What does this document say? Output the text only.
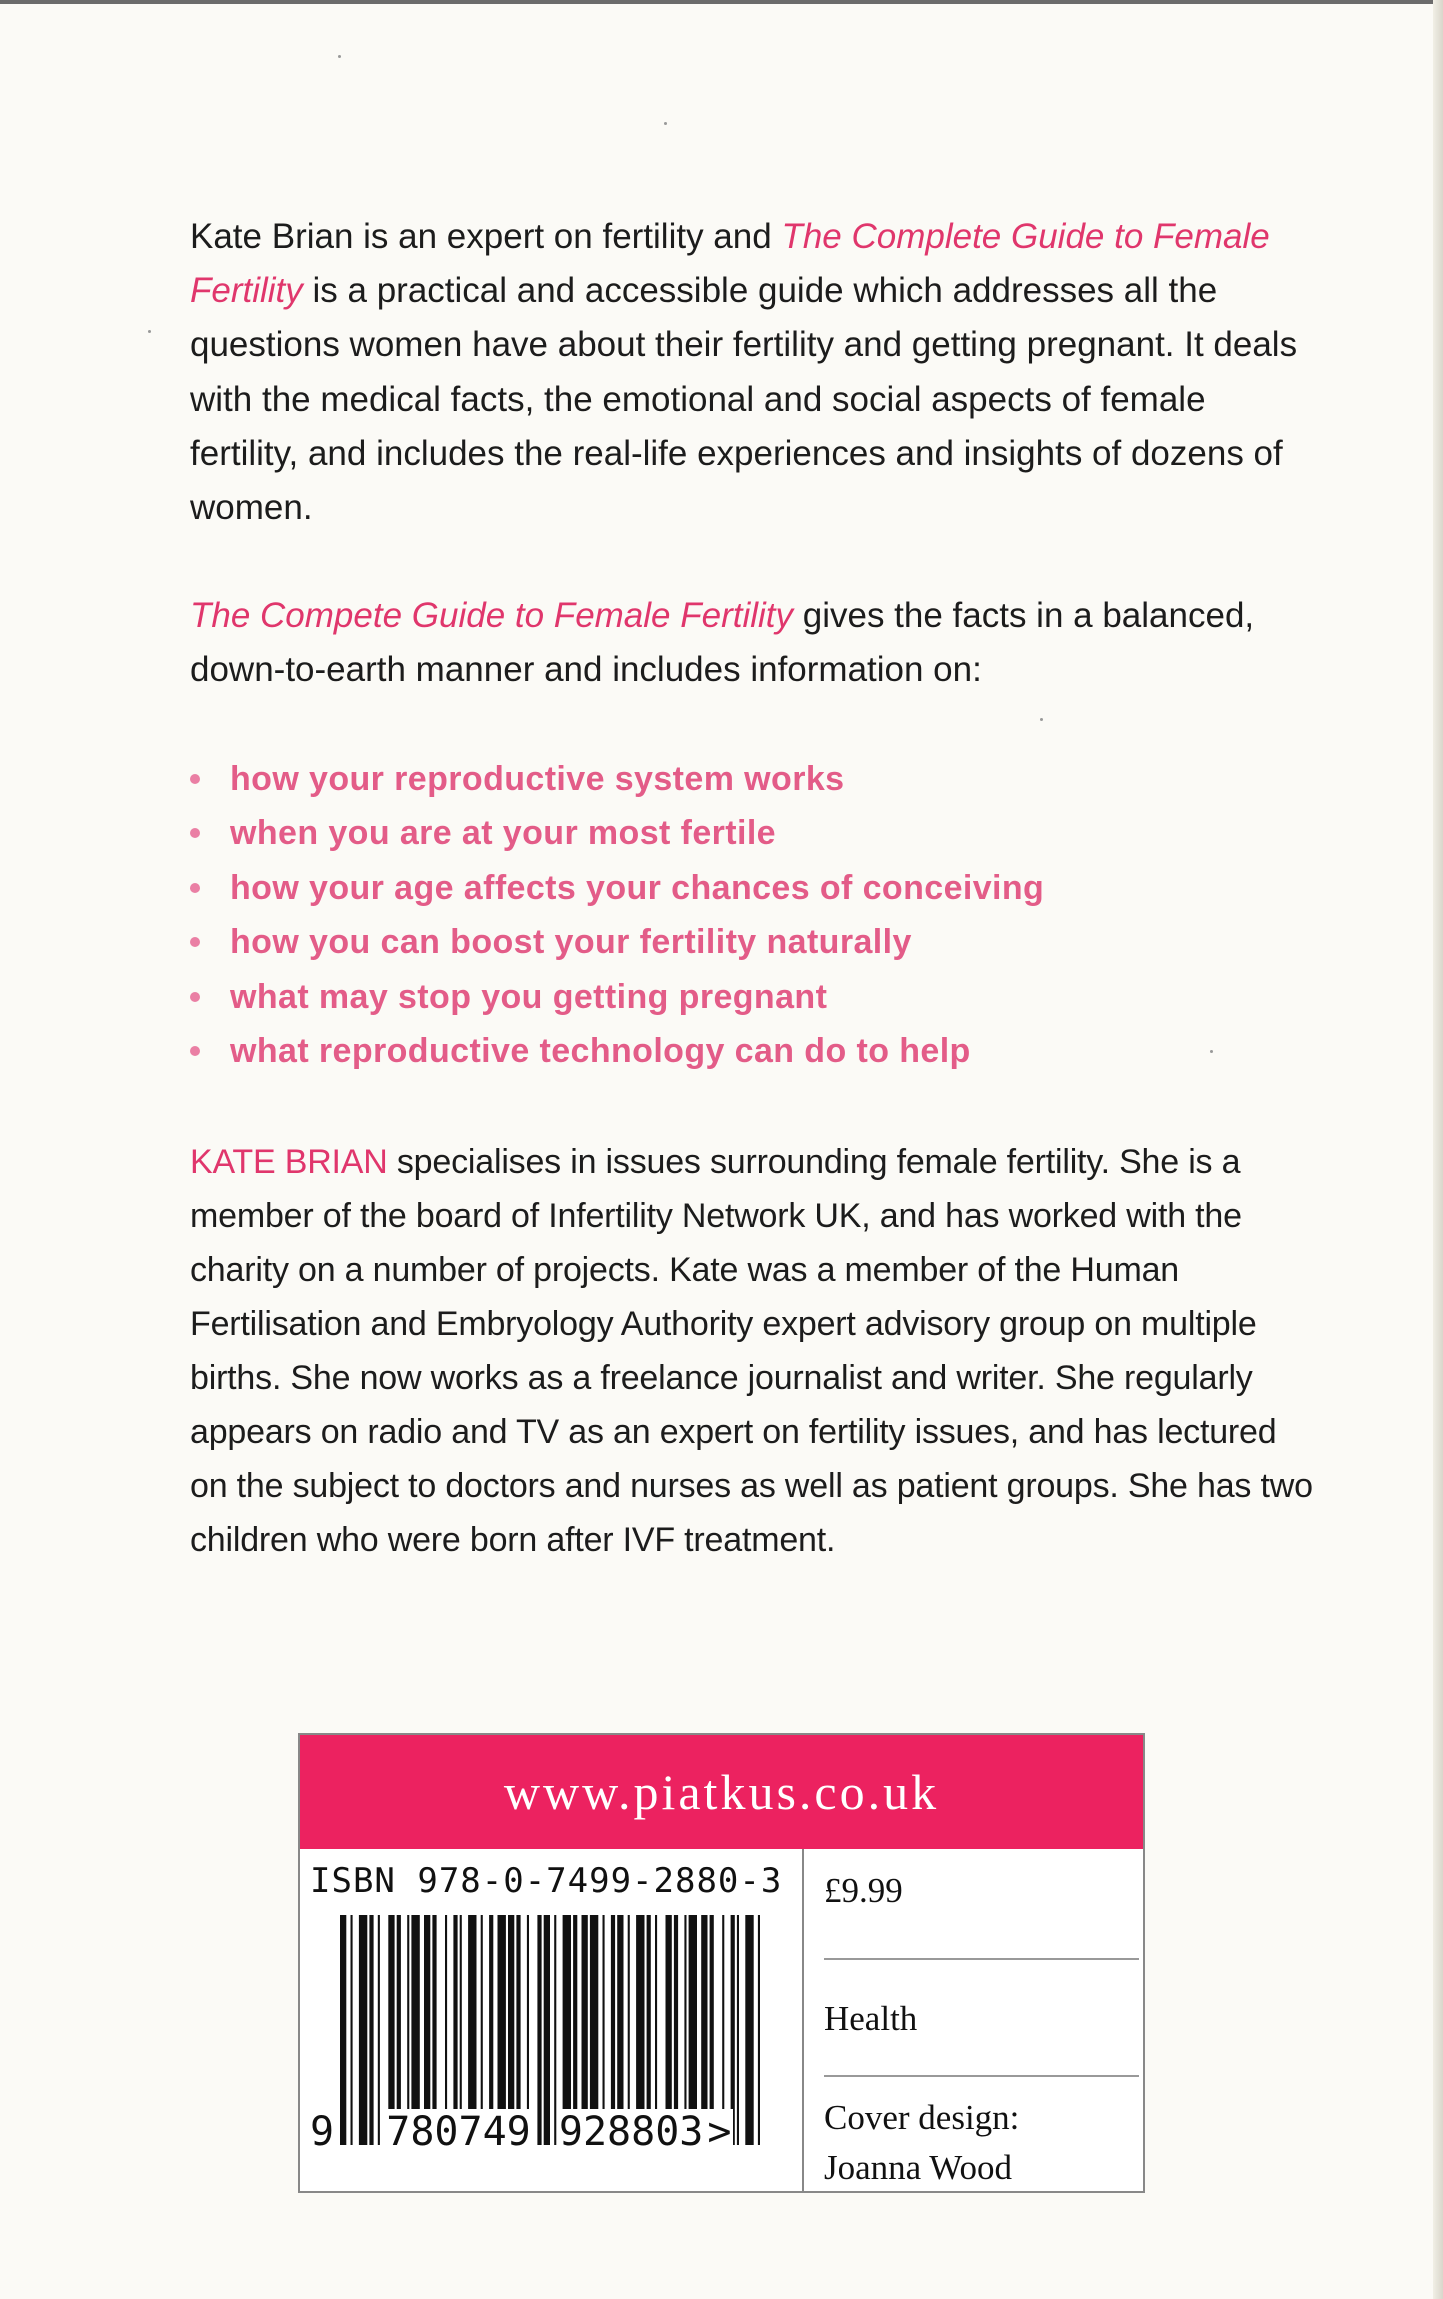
Kate Brian is an expert on fertility and The Complete Guide to Female Fertility is a practical and accessible guide which addresses all the questions women have about their fertility and getting pregnant. It deals with the medical facts, the emotional and social aspects of female fertility, and includes the real-life experiences and insights of dozens of women.

The Compete Guide to Female Fertility gives the facts in a balanced, down-to-earth manner and includes information on:

how your reproductive system works
when you are at your most fertile
how your age affects your chances of conceiving
how you can boost your fertility naturally
what may stop you getting pregnant
what reproductive technology can do to help

KATE BRIAN specialises in issues surrounding female fertility. She is a member of the board of Infertility Network UK, and has worked with the charity on a number of projects. Kate was a member of the Human Fertilisation and Embryology Authority expert advisory group on multiple births. She now works as a freelance journalist and writer. She regularly appears on radio and TV as an expert on fertility issues, and has lectured on the subject to doctors and nurses as well as patient groups. She has two children who were born after IVF treatment.

www.piatkus.co.uk
ISBN 978-0-7499-2880-3
9 780749 928803 >
£9.99
Health
Cover design:
Joanna Wood
